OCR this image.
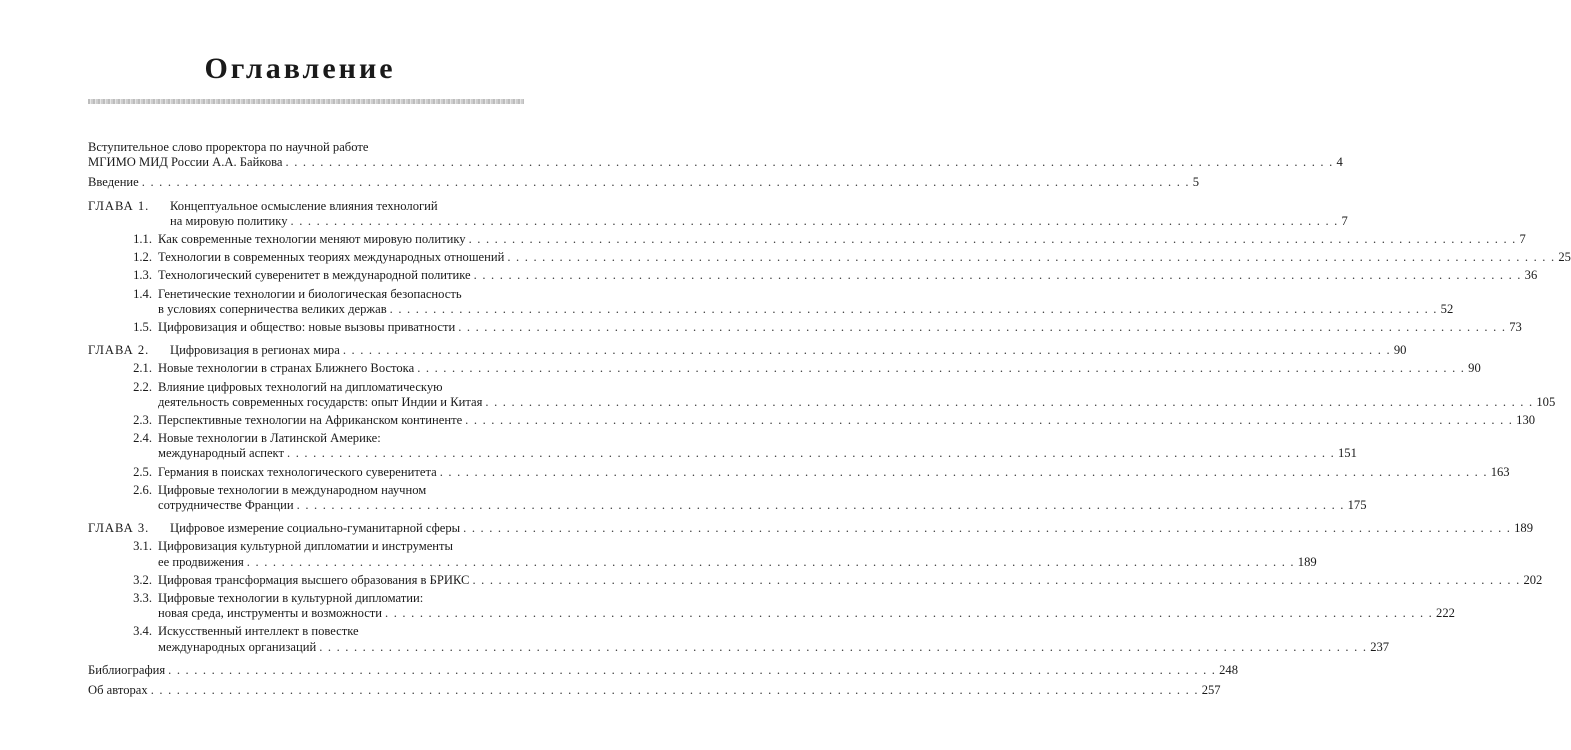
Оглавление
Вступительное слово проректора по научной работе
МГИМО МИД России А.А. Байкова . . .	4
Введение . . .	5
ГЛАВА 1.	Концептуальное осмысление влияния технологий
на мировую политику . . .	7
1.1. Как современные технологии меняют мировую политику . . .	7
1.2. Технологии в современных теориях международных отношений . . .	25
1.3. Технологический суверенитет в международной политике . . .	36
1.4. Генетические технологии и биологическая безопасность
в условиях соперничества великих держав . . .	52
1.5. Цифровизация и общество: новые вызовы приватности . . .	73
ГЛАВА 2.	Цифровизация в регионах мира . . .	90
2.1. Новые технологии в странах Ближнего Востока . . .	90
2.2. Влияние цифровых технологий на дипломатическую
деятельность современных государств: опыт Индии и Китая . . .	105
2.3. Перспективные технологии на Африканском континенте . . .	130
2.4. Новые технологии в Латинской Америке:
международный аспект . . .	151
2.5. Германия в поисках технологического суверенитета . . .	163
2.6. Цифровые технологии в международном научном
сотрудничестве Франции . . .	175
ГЛАВА 3.	Цифровое измерение социально-гуманитарной сферы . . .	189
3.1. Цифровизация культурной дипломатии и инструменты
ее продвижения . . .	189
3.2. Цифровая трансформация высшего образования в БРИКС . . .	202
3.3. Цифровые технологии в культурной дипломатии:
новая среда, инструменты и возможности . . .	222
3.4. Искусственный интеллект в повестке
международных организаций . . .	237
Библиография . . .	248
Об авторах . . .	257
